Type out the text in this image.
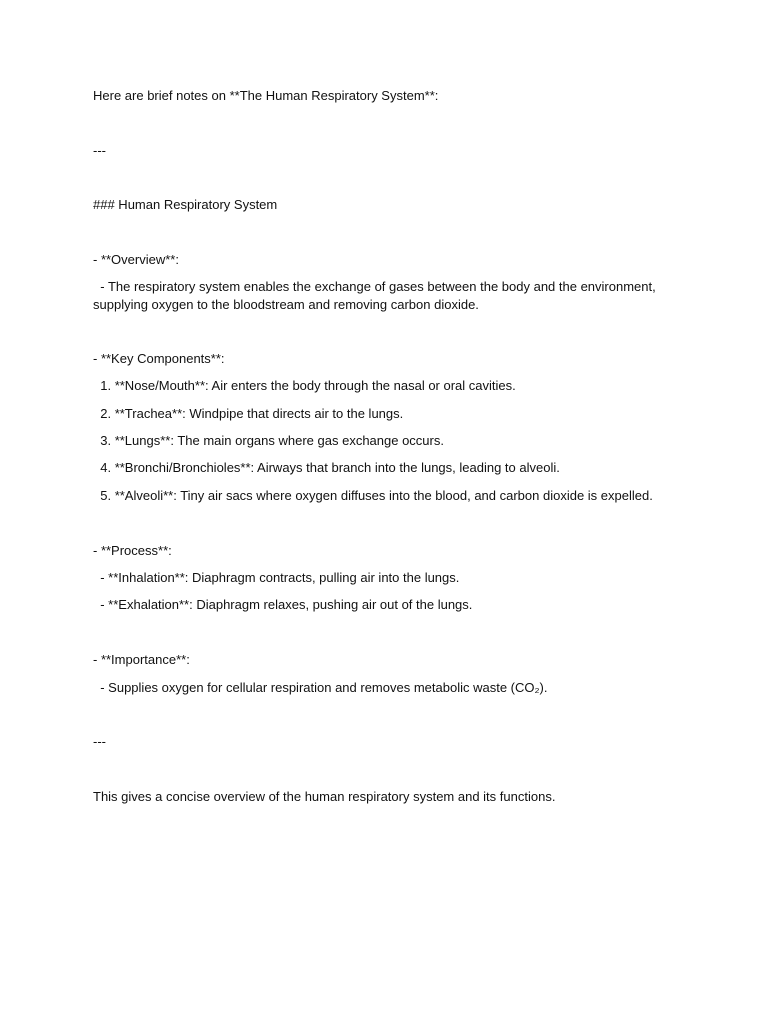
Here are brief notes on **The Human Respiratory System**:
---
### Human Respiratory System
- **Overview**:
- The respiratory system enables the exchange of gases between the body and the environment, supplying oxygen to the bloodstream and removing carbon dioxide.
- **Key Components**:
1. **Nose/Mouth**: Air enters the body through the nasal or oral cavities.
2. **Trachea**: Windpipe that directs air to the lungs.
3. **Lungs**: The main organs where gas exchange occurs.
4. **Bronchi/Bronchioles**: Airways that branch into the lungs, leading to alveoli.
5. **Alveoli**: Tiny air sacs where oxygen diffuses into the blood, and carbon dioxide is expelled.
- **Process**:
- **Inhalation**: Diaphragm contracts, pulling air into the lungs.
- **Exhalation**: Diaphragm relaxes, pushing air out of the lungs.
- **Importance**:
- Supplies oxygen for cellular respiration and removes metabolic waste (CO₂).
---
This gives a concise overview of the human respiratory system and its functions.
